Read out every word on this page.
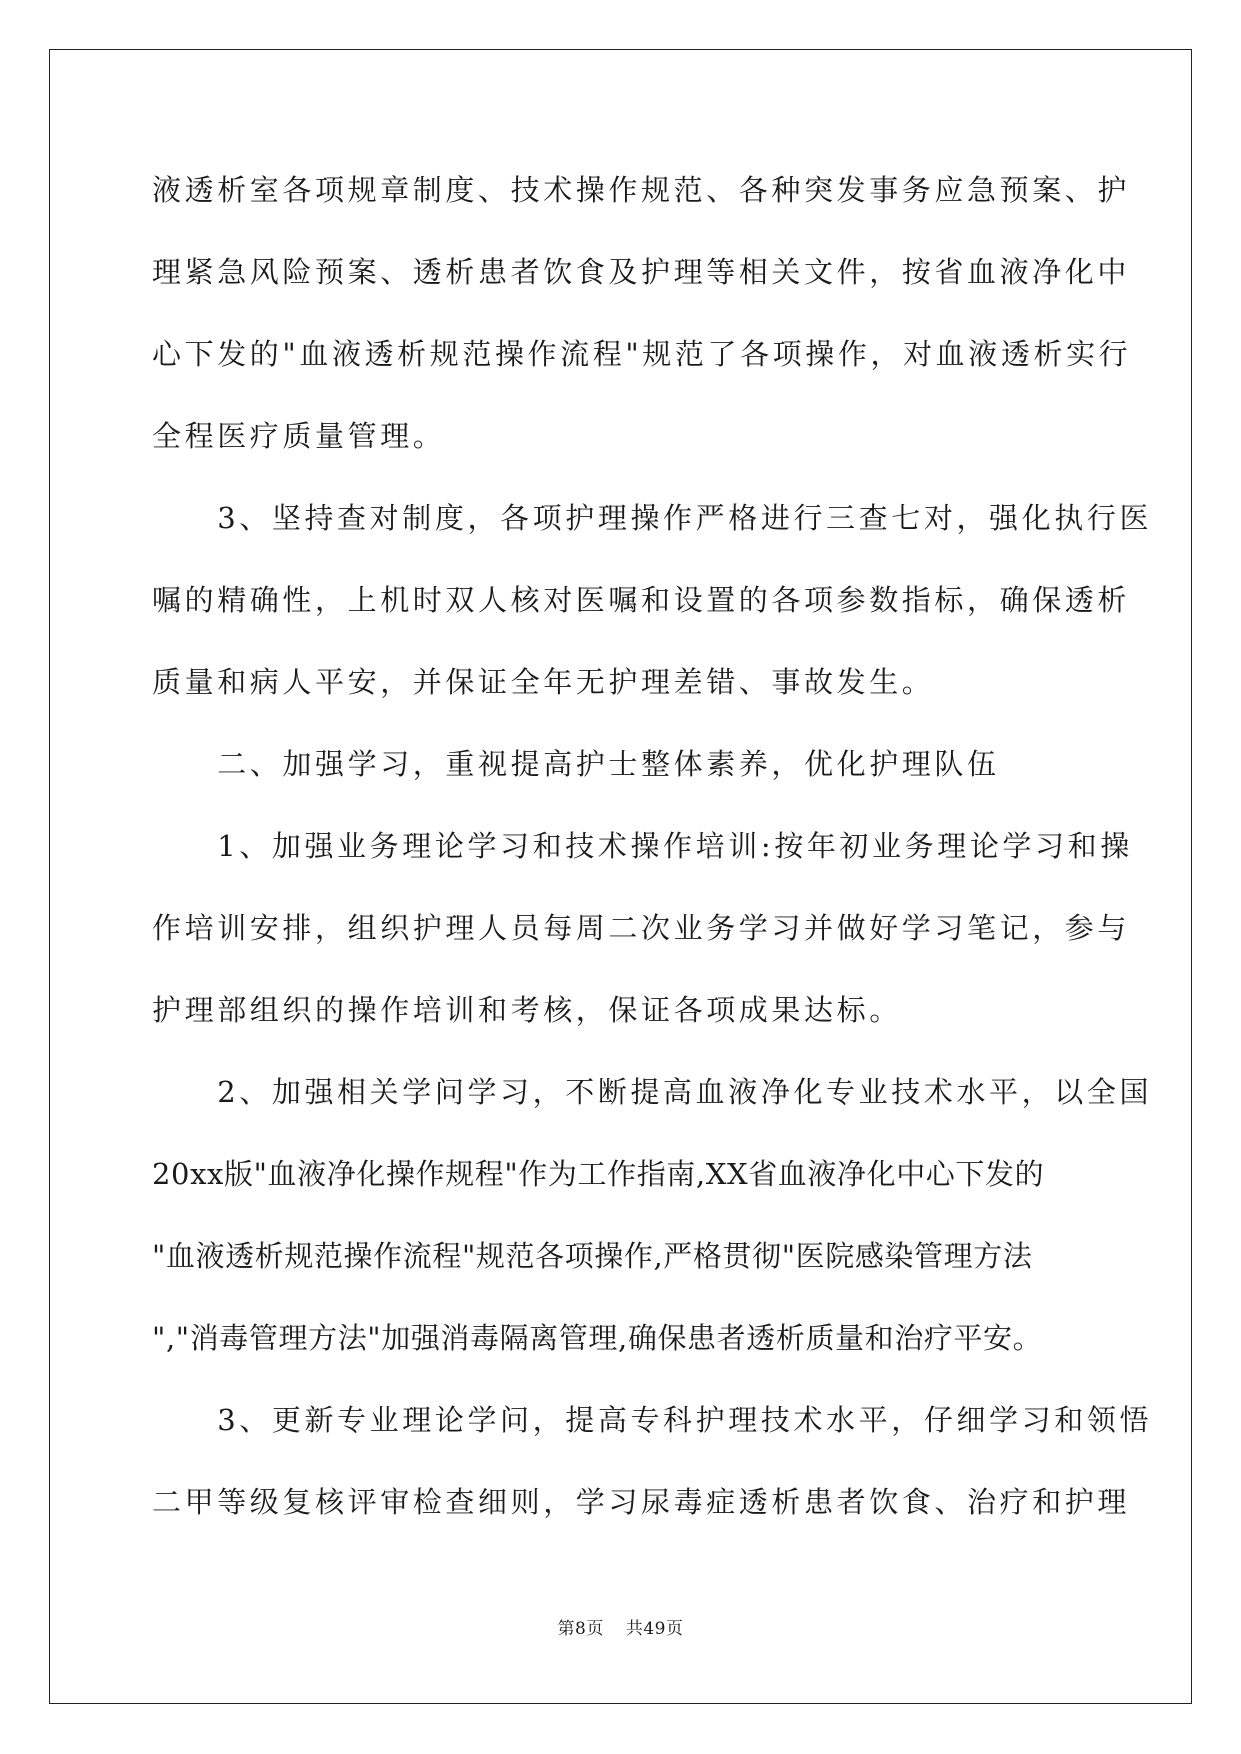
液透析室各项规章制度、技术操作规范、各种突发事务应急预案、护
理紧急风险预案、透析患者饮食及护理等相关文件，按省血液净化中
心下发的"血液透析规范操作流程"规范了各项操作，对血液透析实行
全程医疗质量管理。
　　3、坚持查对制度，各项护理操作严格进行三查七对，强化执行医
嘱的精确性，上机时双人核对医嘱和设置的各项参数指标，确保透析
质量和病人平安，并保证全年无护理差错、事故发生。
　　二、加强学习，重视提高护士整体素养，优化护理队伍
　　1、加强业务理论学习和技术操作培训:按年初业务理论学习和操
作培训安排，组织护理人员每周二次业务学习并做好学习笔记，参与
护理部组织的操作培训和考核，保证各项成果达标。
　　2、加强相关学问学习，不断提高血液净化专业技术水平，以全国
20xx版"血液净化操作规程"作为工作指南,XX省血液净化中心下发的
"血液透析规范操作流程"规范各项操作,严格贯彻"医院感染管理方法
","消毒管理方法"加强消毒隔离管理,确保患者透析质量和治疗平安。
　　3、更新专业理论学问，提高专科护理技术水平，仔细学习和领悟
二甲等级复核评审检查细则，学习尿毒症透析患者饮食、治疗和护理
第8页 共49页
